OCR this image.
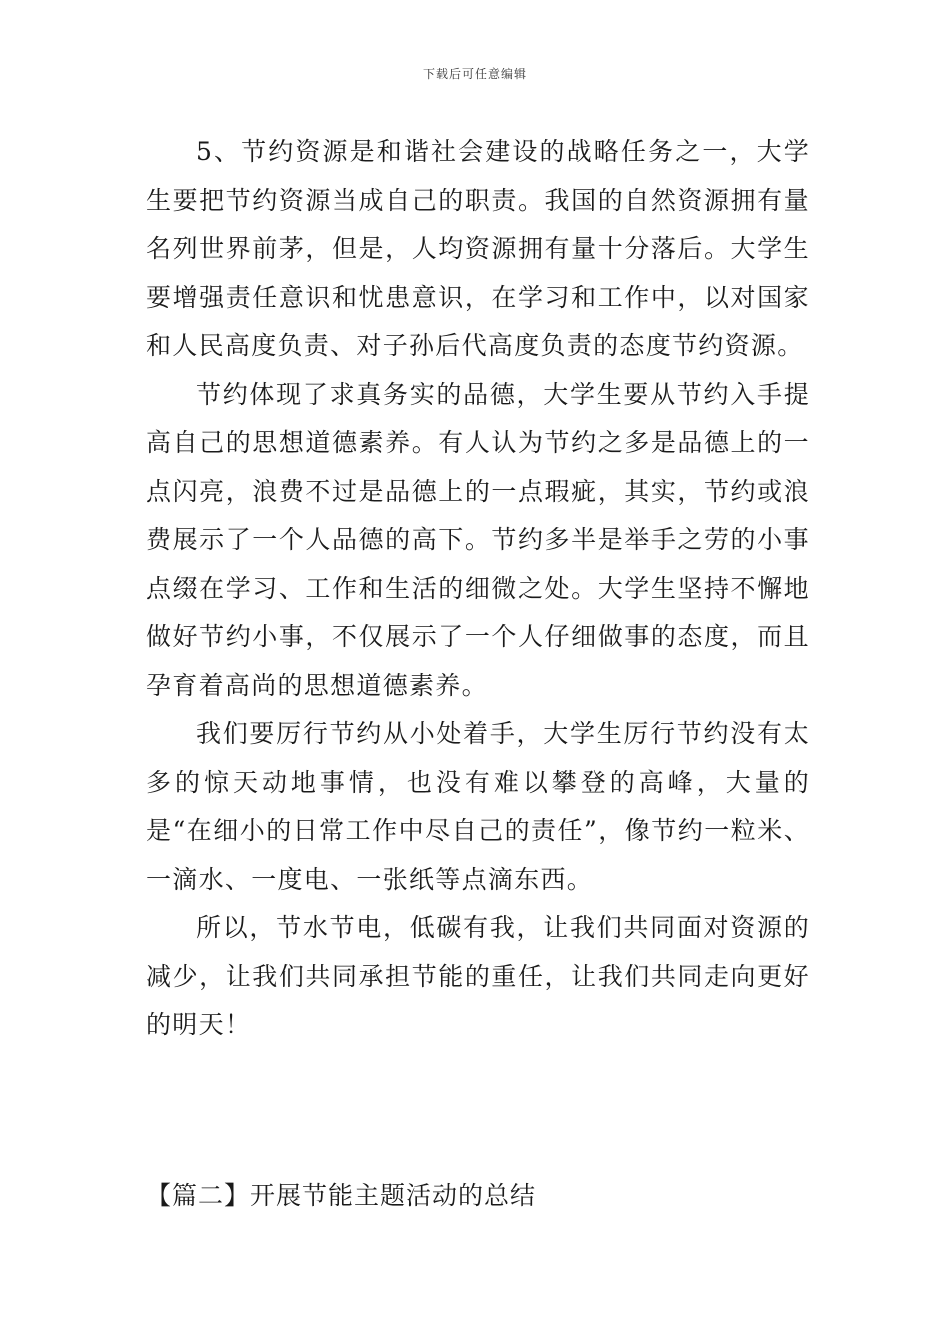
下载后可任意编辑

5、节约资源是和谐社会建设的战略任务之一，大学生要把节约资源当成自己的职责。我国的自然资源拥有量名列世界前茅，但是，人均资源拥有量十分落后。大学生要增强责任意识和忧患意识，在学习和工作中，以对国家和人民高度负责、对子孙后代高度负责的态度节约资源。

节约体现了求真务实的品德，大学生要从节约入手提高自己的思想道德素养。有人认为节约之多是品德上的一点闪亮，浪费不过是品德上的一点瑕疵，其实，节约或浪费展示了一个人品德的高下。节约多半是举手之劳的小事点缀在学习、工作和生活的细微之处。大学生坚持不懈地做好节约小事，不仅展示了一个人仔细做事的态度，而且孕育着高尚的思想道德素养。

我们要厉行节约从小处着手，大学生厉行节约没有太多的惊天动地事情，也没有难以攀登的高峰，大量的是“在细小的日常工作中尽自己的责任”，像节约一粒米、一滴水、一度电、一张纸等点滴东西。

所以，节水节电，低碳有我，让我们共同面对资源的减少，让我们共同承担节能的重任，让我们共同走向更好的明天！

【篇二】开展节能主题活动的总结
